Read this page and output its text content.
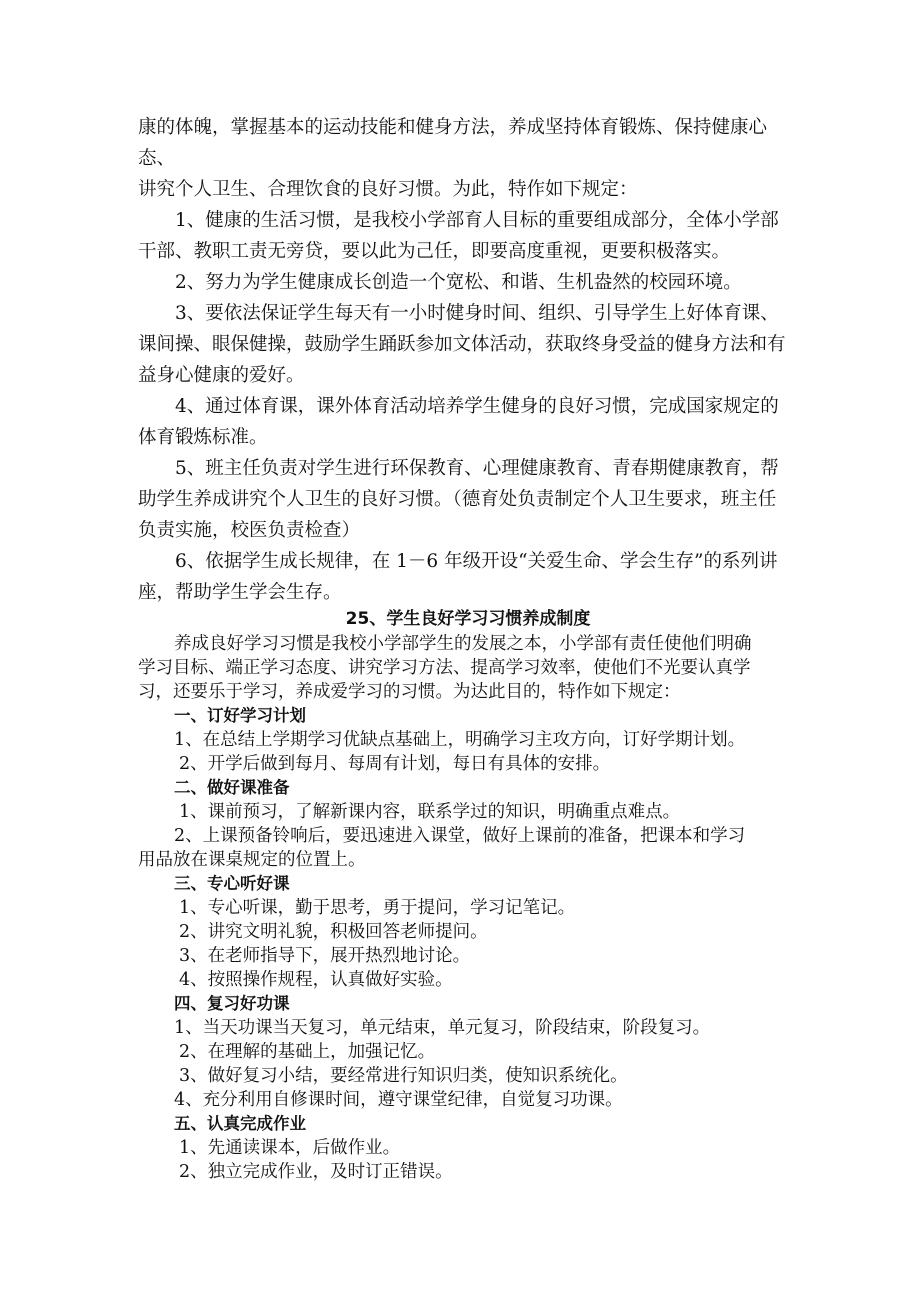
康的体魄，掌握基本的运动技能和健身方法，养成坚持体育锻炼、保持健康心态、

讲究个人卫生、合理饮食的良好习惯。为此，特作如下规定：

1、健康的生活习惯，是我校小学部育人目标的重要组成部分，全体小学部

干部、教职工责无旁贷，要以此为己任，即要高度重视，更要积极落实。

2、努力为学生健康成长创造一个宽松、和谐、生机盎然的校园环境。

3、要依法保证学生每天有一小时健身时间、组织、引导学生上好体育课、

课间操、眼保健操，鼓励学生踊跃参加文体活动，获取终身受益的健身方法和有

益身心健康的爱好。

4、通过体育课，课外体育活动培养学生健身的良好习惯，完成国家规定的

体育锻炼标准。

5、班主任负责对学生进行环保教育、心理健康教育、青春期健康教育，帮

助学生养成讲究个人卫生的良好习惯。（德育处负责制定个人卫生要求，班主任

负责实施，校医负责检查）

6、依据学生成长规律，在 1－6 年级开设“关爱生命、学会生存”的系列讲

座，帮助学生学会生存。

25、学生良好学习习惯养成制度

养成良好学习习惯是我校小学部学生的发展之本，小学部有责任使他们明确

学习目标、端正学习态度、讲究学习方法、提高学习效率，使他们不光要认真学

习，还要乐于学习，养成爱学习的习惯。为达此目的，特作如下规定：

一、订好学习计划

1、在总结上学期学习优缺点基础上，明确学习主攻方向，订好学期计划。

2、开学后做到每月、每周有计划，每日有具体的安排。

二、做好课准备

1、课前预习，了解新课内容，联系学过的知识，明确重点难点。

2、上课预备铃响后，要迅速进入课堂，做好上课前的准备，把课本和学习

用品放在课桌规定的位置上。

三、专心听好课

1、专心听课，勤于思考，勇于提问，学习记笔记。

2、讲究文明礼貌，积极回答老师提问。

3、在老师指导下，展开热烈地讨论。

4、按照操作规程，认真做好实验。

四、复习好功课

1、当天功课当天复习，单元结束，单元复习，阶段结束，阶段复习。

2、在理解的基础上，加强记忆。

3、做好复习小结，要经常进行知识归类，使知识系统化。

4、充分利用自修课时间，遵守课堂纪律，自觉复习功课。

五、认真完成作业

1、先通读课本，后做作业。

2、独立完成作业，及时订正错误。
